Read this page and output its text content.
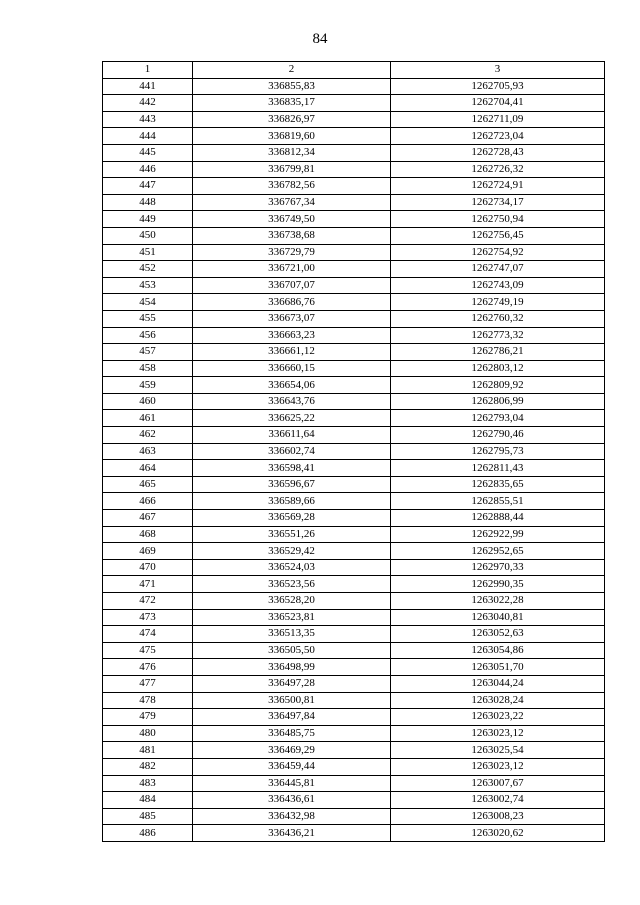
84
1	2	3
441	336855,83	1262705,93
442	336835,17	1262704,41
443	336826,97	1262711,09
444	336819,60	1262723,04
445	336812,34	1262728,43
446	336799,81	1262726,32
447	336782,56	1262724,91
448	336767,34	1262734,17
449	336749,50	1262750,94
450	336738,68	1262756,45
451	336729,79	1262754,92
452	336721,00	1262747,07
453	336707,07	1262743,09
454	336686,76	1262749,19
455	336673,07	1262760,32
456	336663,23	1262773,32
457	336661,12	1262786,21
458	336660,15	1262803,12
459	336654,06	1262809,92
460	336643,76	1262806,99
461	336625,22	1262793,04
462	336611,64	1262790,46
463	336602,74	1262795,73
464	336598,41	1262811,43
465	336596,67	1262835,65
466	336589,66	1262855,51
467	336569,28	1262888,44
468	336551,26	1262922,99
469	336529,42	1262952,65
470	336524,03	1262970,33
471	336523,56	1262990,35
472	336528,20	1263022,28
473	336523,81	1263040,81
474	336513,35	1263052,63
475	336505,50	1263054,86
476	336498,99	1263051,70
477	336497,28	1263044,24
478	336500,81	1263028,24
479	336497,84	1263023,22
480	336485,75	1263023,12
481	336469,29	1263025,54
482	336459,44	1263023,12
483	336445,81	1263007,67
484	336436,61	1263002,74
485	336432,98	1263008,23
486	336436,21	1263020,62
